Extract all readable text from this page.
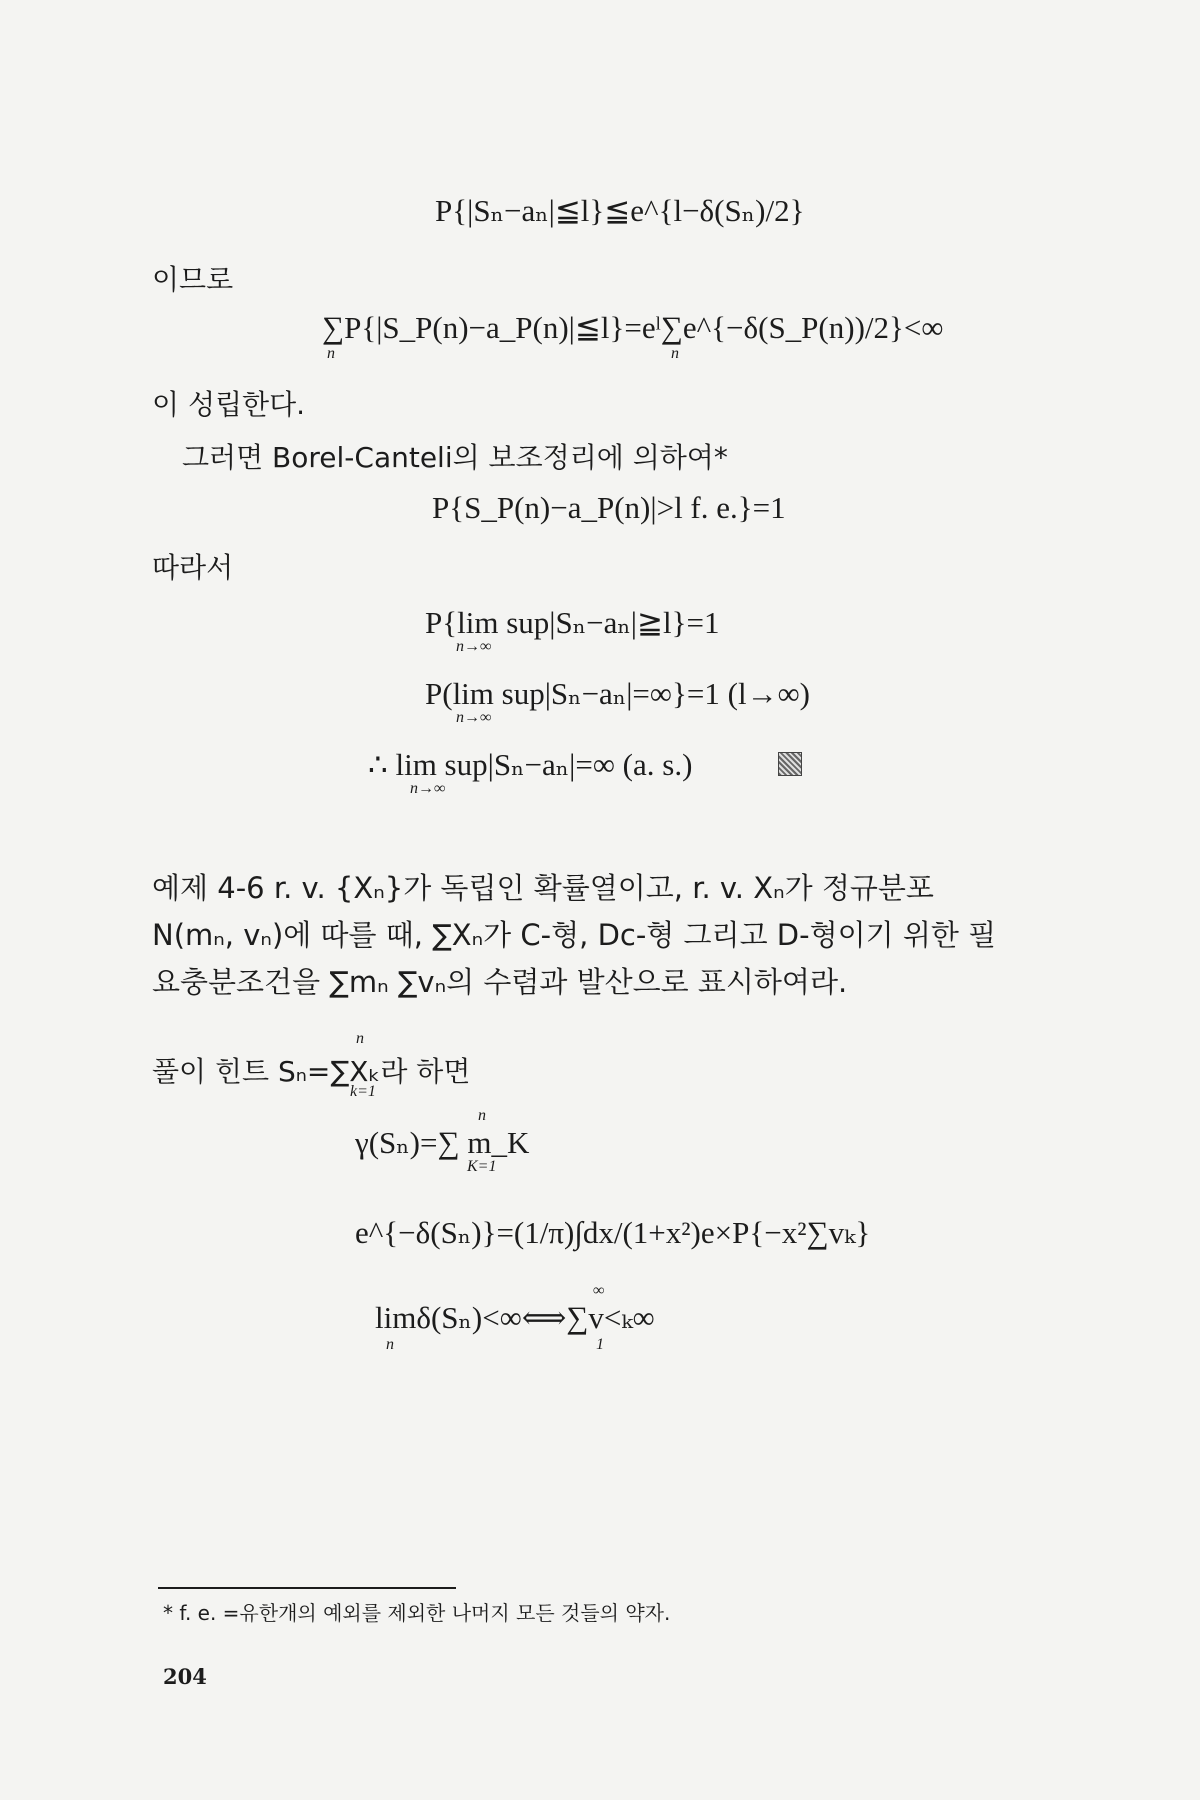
P{|Sₙ−aₙ|≦l}≦e^{l−δ(Sₙ)/2}
이므로
∑P{|S_P(n)−a_P(n)|≦l}=eˡ∑e^{−δ(S_P(n))/2}<∞
n	n
이 성립한다.
그러면 Borel-Canteli의 보조정리에 의하여*
P{S_P(n)−a_P(n)|>l f. e.}=1
따라서
P{lim sup|Sₙ−aₙ|≧l}=1
n→∞
P(lim sup|Sₙ−aₙ|=∞}=1 (l→∞)
n→∞
∴ lim sup|Sₙ−aₙ|=∞ (a. s.)
n→∞
예제 4-6 r. v. {Xₙ}가 독립인 확률열이고, r. v. Xₙ가 정규분포
N(mₙ, vₙ)에 따를 때, ∑Xₙ가 C-형, Dc-형 그리고 D-형이기 위한 필
요충분조건을 ∑mₙ ∑vₙ의 수렴과 발산으로 표시하여라.
풀이 힌트 Sₙ=∑Xₖ라 하면
n
k=1
γ(Sₙ)=∑ m_K
n
K=1
e^{−δ(Sₙ)}=(1/π)∫dx/(1+x²)e×P{−x²∑vₖ}
limδ(Sₙ)<∞⟺∑v<ₖ∞
∞
n	1
* f. e. =유한개의 예외를 제외한 나머지 모든 것들의 약자.
204
